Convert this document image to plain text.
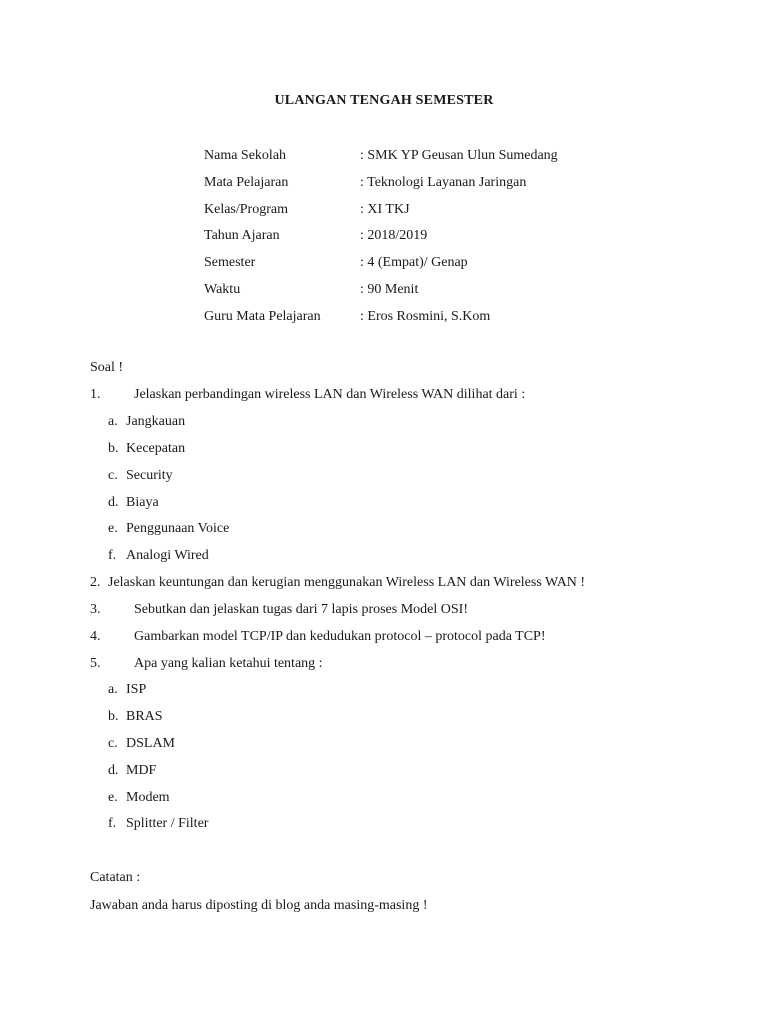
ULANGAN TENGAH SEMESTER
Nama Sekolah	: SMK YP Geusan Ulun Sumedang
Mata Pelajaran	: Teknologi Layanan Jaringan
Kelas/Program	: XI TKJ
Tahun Ajaran	: 2018/2019
Semester	: 4 (Empat)/ Genap
Waktu	: 90 Menit
Guru Mata Pelajaran	: Eros Rosmini, S.Kom
Soal !
1. Jelaskan perbandingan wireless LAN dan Wireless WAN dilihat dari :
a. Jangkauan
b. Kecepatan
c. Security
d. Biaya
e. Penggunaan Voice
f. Analogi Wired
2. Jelaskan keuntungan dan kerugian menggunakan Wireless LAN dan Wireless WAN !
3. Sebutkan dan jelaskan tugas dari 7 lapis proses Model OSI!
4. Gambarkan model TCP/IP dan kedudukan protocol – protocol pada TCP!
5. Apa yang kalian ketahui tentang :
a. ISP
b. BRAS
c. DSLAM
d. MDF
e. Modem
f. Splitter / Filter
Catatan :
Jawaban anda harus diposting di blog anda masing-masing !
